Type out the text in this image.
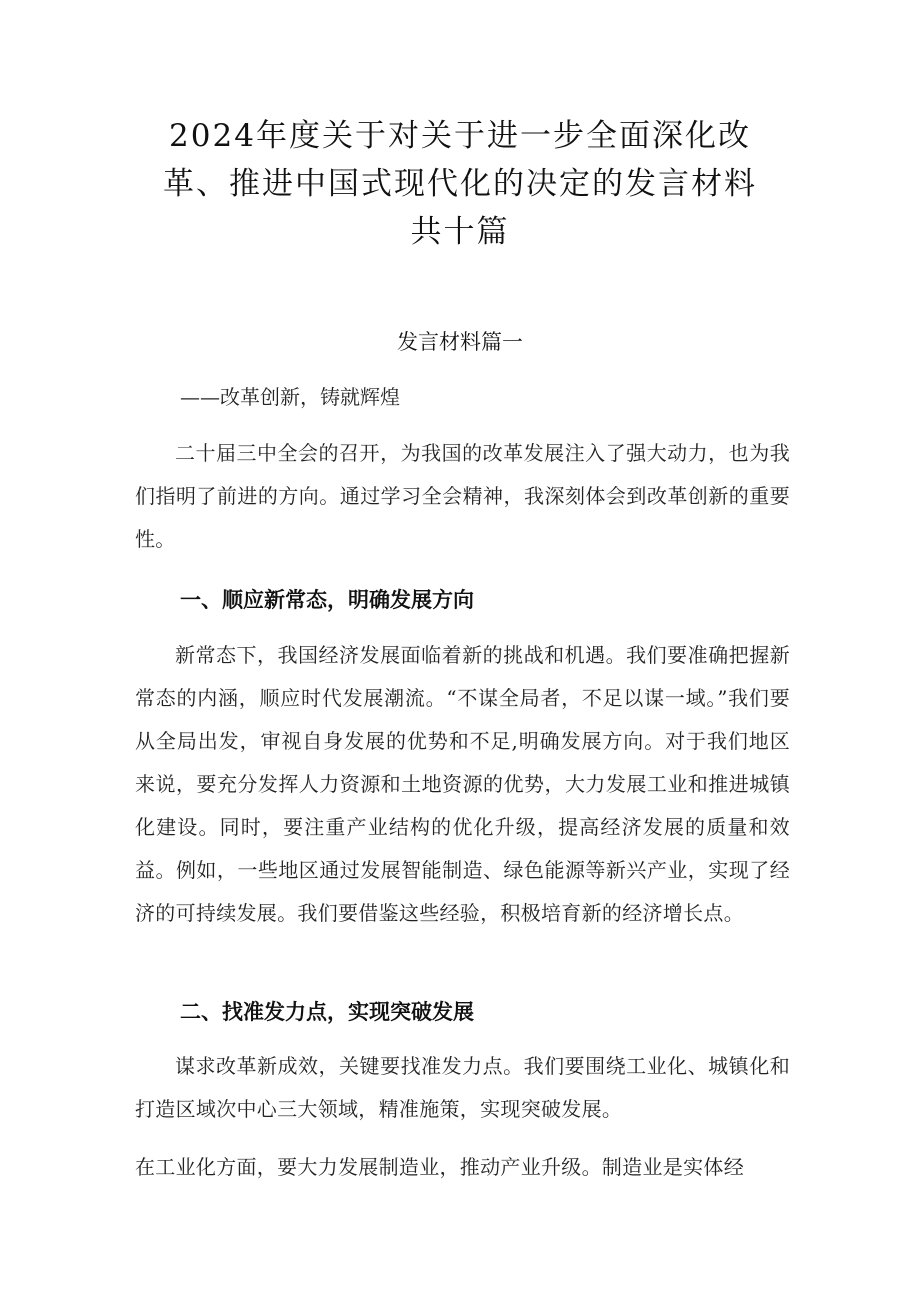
2024年度关于对关于进一步全面深化改
革、推进中国式现代化的决定的发言材料
共十篇
发言材料篇一

——改革创新，铸就辉煌

二十届三中全会的召开，为我国的改革发展注入了强大动力，也为我们指明了前进的方向。通过学习全会精神，我深刻体会到改革创新的重要性。

一、顺应新常态，明确发展方向

新常态下，我国经济发展面临着新的挑战和机遇。我们要准确把握新常态的内涵，顺应时代发展潮流。“不谋全局者，不足以谋一域。”我们要从全局出发，审视自身发展的优势和不足,明确发展方向。对于我们地区来说，要充分发挥人力资源和土地资源的优势，大力发展工业和推进城镇化建设。同时，要注重产业结构的优化升级，提高经济发展的质量和效益。例如，一些地区通过发展智能制造、绿色能源等新兴产业，实现了经济的可持续发展。我们要借鉴这些经验，积极培育新的经济增长点。

二、找准发力点，实现突破发展

谋求改革新成效，关键要找准发力点。我们要围绕工业化、城镇化和打造区域次中心三大领域，精准施策，实现突破发展。

在工业化方面，要大力发展制造业，推动产业升级。制造业是实体经
